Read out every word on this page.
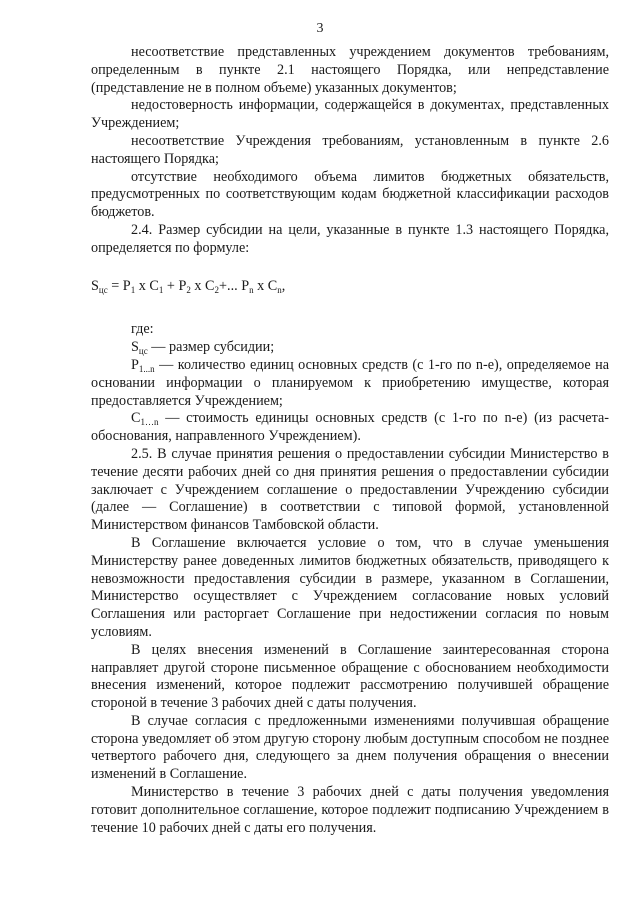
3

несоответствие представленных учреждением документов требованиям, определенным в пункте 2.1 настоящего Порядка, или непредставление (представление не в полном объеме) указанных документов;

недостоверность информации, содержащейся в документах, представленных Учреждением;

несоответствие Учреждения требованиям, установленным в пункте 2.6 настоящего Порядка;

отсутствие необходимого объема лимитов бюджетных обязательств, предусмотренных по соответствующим кодам бюджетной классификации расходов бюджетов.

2.4. Размер субсидии на цели, указанные в пункте 1.3 настоящего Порядка, определяется по формуле:

$S_{цс} = P_1$ х $С_1 + P_2$ х $С_2+$... $P_n$ х $С_n$,

где:

$S_{цс}$ — размер субсидии;

$P_{1...n}$ — количество единиц основных средств (с 1-го по n-е), определяемое на основании информации о планируемом к приобретению имуществе, которая предоставляется Учреждением;

$C_{1\dots n}$ — стоимость единицы основных средств (с 1-го по n-е) (из расчета-обоснования, направленного Учреждением).

2.5. В случае принятия решения о предоставлении субсидии Министерство в течение десяти рабочих дней со дня принятия решения о предоставлении субсидии заключает с Учреждением соглашение о предоставлении Учреждению субсидии (далее — Соглашение) в соответствии с типовой формой, установленной Министерством финансов Тамбовской области.

В Соглашение включается условие о том, что в случае уменьшения Министерству ранее доведенных лимитов бюджетных обязательств, приводящего к невозможности предоставления субсидии в размере, указанном в Соглашении, Министерство осуществляет с Учреждением согласование новых условий Соглашения или расторгает Соглашение при недостижении согласия по новым условиям.

В целях внесения изменений в Соглашение заинтересованная сторона направляет другой стороне письменное обращение с обоснованием необходимости внесения изменений, которое подлежит рассмотрению получившей обращение стороной в течение 3 рабочих дней с даты получения.

В случае согласия с предложенными изменениями получившая обращение сторона уведомляет об этом другую сторону любым доступным способом не позднее четвертого рабочего дня, следующего за днем получения обращения о внесении изменений в Соглашение.

Министерство в течение 3 рабочих дней с даты получения уведомления готовит дополнительное соглашение, которое подлежит подписанию Учреждением в течение 10 рабочих дней с даты его получения.
